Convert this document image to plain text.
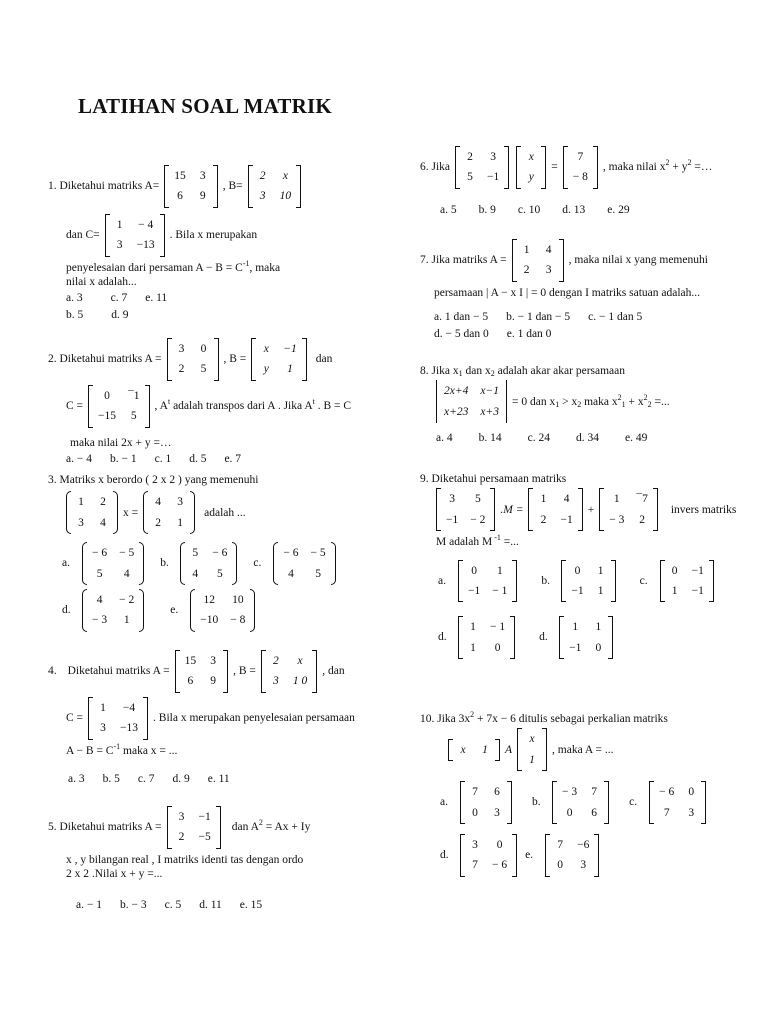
LATIHAN SOAL MATRIK
1. Diketahui matriks A=
15 3
6 9
, B=
2 x
3 10
dan C=
1 − 4
3 −13
. Bila x merupakan
penyelesaian dari persaman $A - B = C^{-1}$, maka
nilai x adalah...
a. 3 c. 7 e. 11
b. 5 d. 9
2. Diketahui matriks A =
3 0
2 5
, B =
x −1
y	1
dan
C =
0	¯1
−15 5
, $A^t$ adalah transpos dari A . Jika $A^t$ . B = C
maka nilai 2x + y =…
a. − 4 b. − 1 c. 1 d. 5 e. 7
3. Matriks x berordo ( 2 x 2 ) yang memenuhi
1 2
3 4
x =
4 3
2 1
adalah ...
a.
− 6 − 5
5	4
b.
5 − 6
4	5
c.
− 6 − 5
4	5
d.
4	− 2
− 3	1
e.
12 10
−10 − 8
4. Diketahui matriks A =
15 3
6 9
, B =
2	x
3 1 0
, dan
C =
1 −4
3 −13
. Bila x merupakan penyelesaian persamaan
$A - B = C^{-1}$ maka x = ...
a. 3 b. 5 c. 7 d. 9 e. 11
5. Diketahui matriks A =
3 −1
2 −5
dan $A^2 = Ax + Iy$
x , y bilangan real , I matriks identi tas dengan ordo
2 x 2 .Nilai x + y =...
a. − 1 b. − 3 c. 5 d. 11 e. 15
6. Jika
2 3
5 −1
x
y
=
7
− 8
, maka nilai $x^2 + y^2$ =…
a. 5 b. 9 c. 10 d. 13 e. 29
7. Jika matriks A =
1 4
2 3
, maka nilai x yang memenuhi
persamaan | A − x I | = 0 dengan I matriks satuan adalah...
a. 1 dan − 5 b. − 1 dan − 5 c. − 1 dan 5
d. − 5 dan 0 e. 1 dan 0
8. Jika $x_1$ dan $x_2$ adalah akar akar persamaan
2x+4 x−1
x+23 x+3
= 0 dan $x_1 > x_2$ maka $x^2_1 + x^2_2$ =...
a. 4 b. 14 c. 24 d. 34 e. 49
9. Diketahui persamaan matriks
3	5
−1 − 2
.M =
1 4
2 −1
+
1	¯7
− 3 2
invers matriks
M adalah M $^{-1}$ =...
a.
0	1
−1 − 1
b.
0 1
−1 1
c.
0 −1
1 −1
d.
1 − 1
1	0
d.
1 1
−1 0
10. Jika $3x^2 + 7x - 6$ ditulis sebagai perkalian matriks
x 1 A
x
1
, maka A = ...
a.
7 6
0 3
b.
− 3 7
0	6
c.
− 6 0
7	3
d.
3	0
7 − 6
e.
7 −6
0 3
